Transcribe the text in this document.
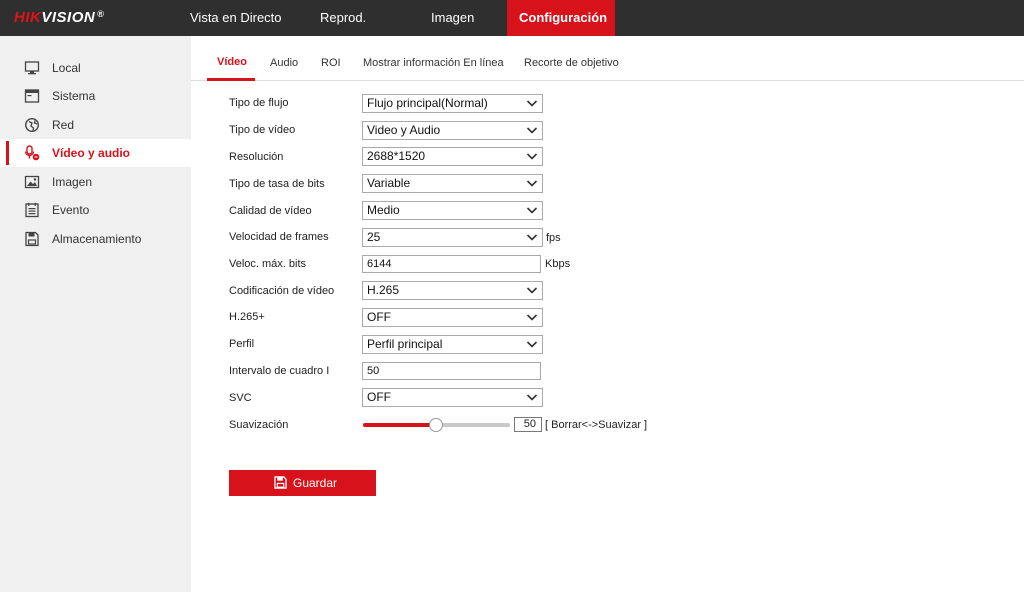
HIKVISION ®	Vista en Directo	Reprod.	Imagen	Configuración
Local
Sistema
Red
Vídeo y audio
Imagen
Evento
Almacenamiento
Vídeo Audio ROI Mostrar información En línea Recorte de objetivo
Tipo de flujo	Flujo principal(Normal)
Tipo de vídeo	Video y Audio
Resolución	2688*1520
Tipo de tasa de bits	Variable
Calidad de vídeo	Medio
Velocidad de frames	25	fps
Veloc. máx. bits	6144	Kbps
Codificación de vídeo	H.265
H.265+	OFF
Perfil	Perfil principal
Intervalo de cuadro I	50
SVC	OFF
Suavización	50 [ Borrar<->Suavizar ]
Guardar
